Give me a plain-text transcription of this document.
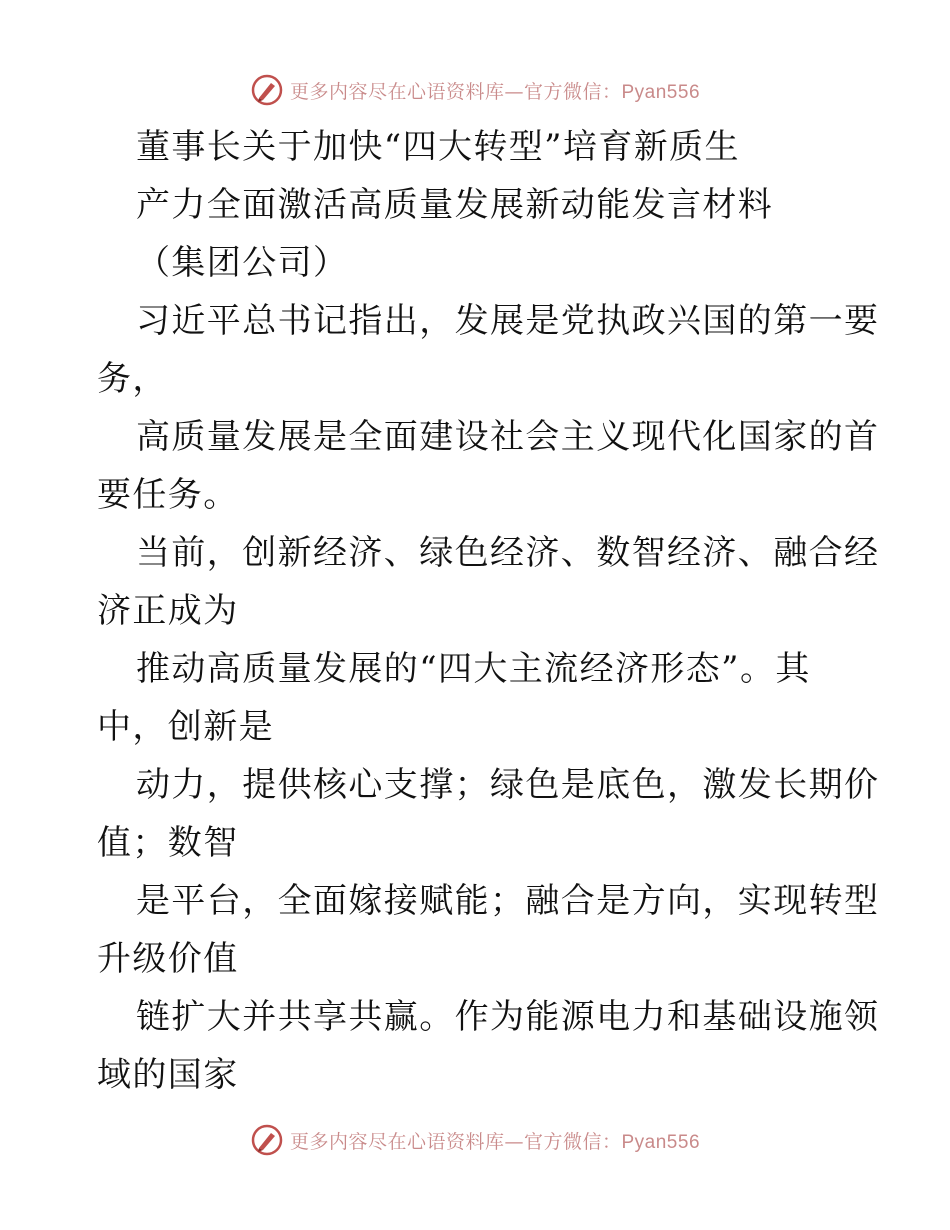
更多内容尽在心语资料库—官方微信：Pyan556
董事长关于加快“四大转型”培育新质生
产力全面激活高质量发展新动能发言材料
（集团公司）
习近平总书记指出，发展是党执政兴国的第一要
务，
高质量发展是全面建设社会主义现代化国家的首
要任务。
当前，创新经济、绿色经济、数智经济、融合经
济正成为
推动高质量发展的“四大主流经济形态”。其
中，创新是
动力，提供核心支撑；绿色是底色，激发长期价
值；数智
是平台，全面嫁接赋能；融合是方向，实现转型
升级价值
链扩大并共享共赢。作为能源电力和基础设施领
域的国家
更多内容尽在心语资料库—官方微信：Pyan556
